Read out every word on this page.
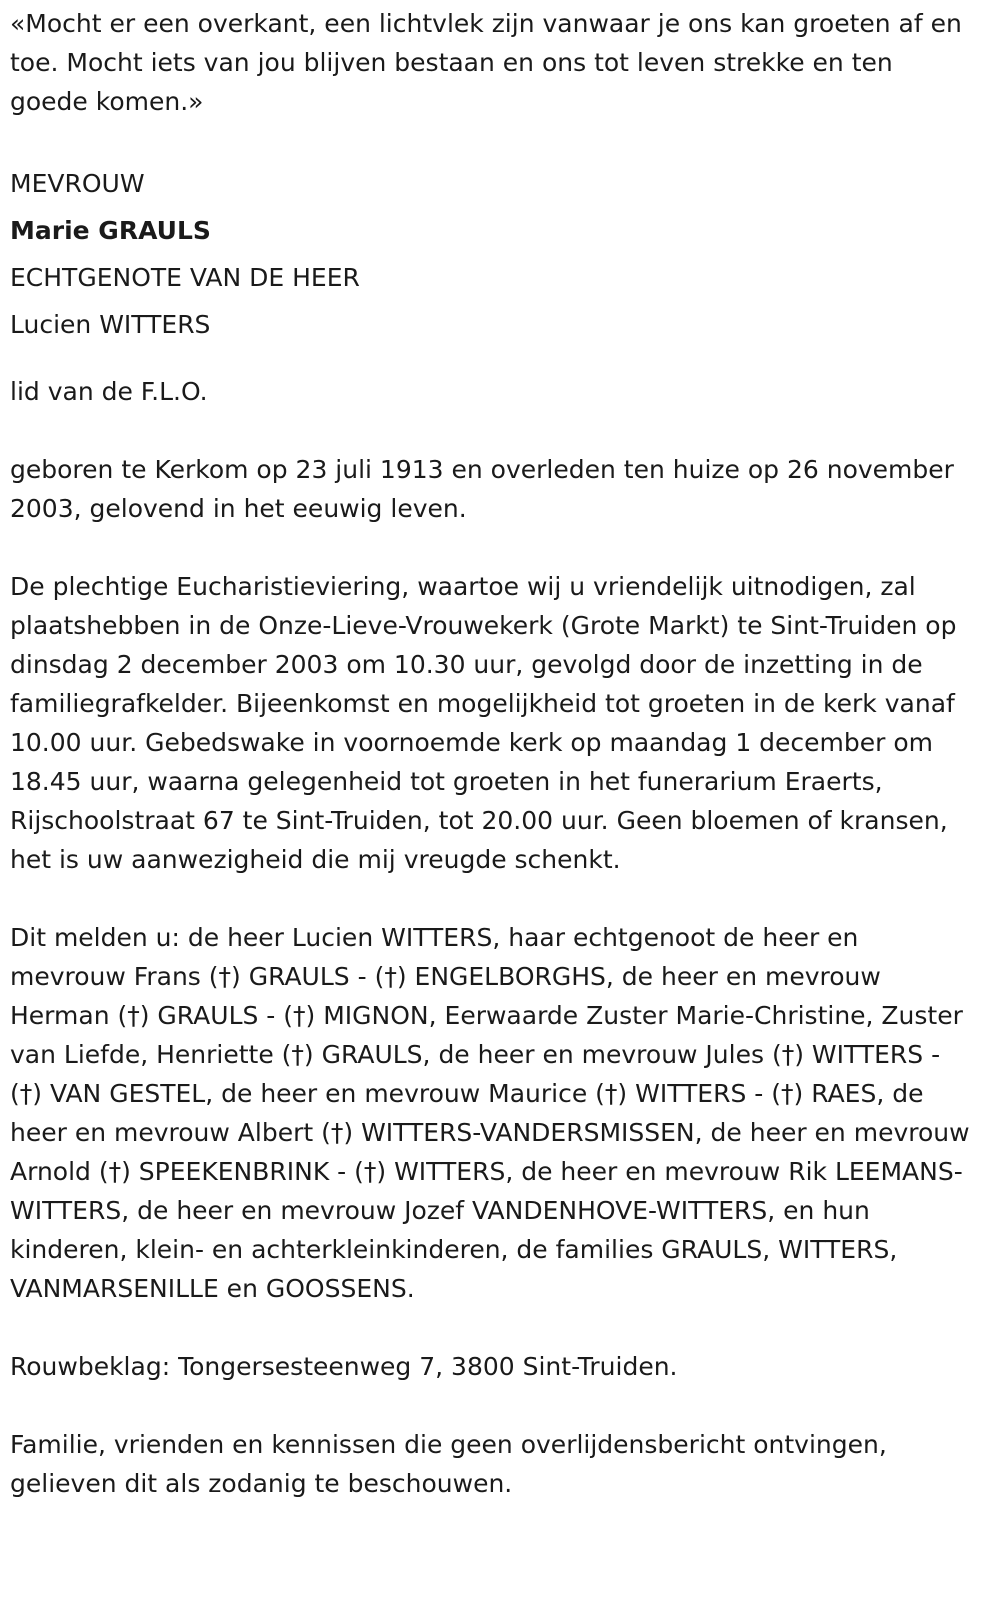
«Mocht er een overkant, een lichtvlek zijn vanwaar je ons kan groeten af en toe. Mocht iets van jou blijven bestaan en ons tot leven strekke en ten goede komen.»

MEVROUW
Marie GRAULS
ECHTGENOTE VAN DE HEER
Lucien WITTERS

lid van de F.L.O.

geboren te Kerkom op 23 juli 1913 en overleden ten huize op 26 november 2003, gelovend in het eeuwig leven.

De plechtige Eucharistieviering, waartoe wij u vriendelijk uitnodigen, zal plaatshebben in de Onze-Lieve-Vrouwekerk (Grote Markt) te Sint-Truiden op dinsdag 2 december 2003 om 10.30 uur, gevolgd door de inzetting in de familiegrafkelder. Bijeenkomst en mogelijkheid tot groeten in de kerk vanaf 10.00 uur. Gebedswake in voornoemde kerk op maandag 1 december om 18.45 uur, waarna gelegenheid tot groeten in het funerarium Eraerts, Rijschoolstraat 67 te Sint-Truiden, tot 20.00 uur. Geen bloemen of kransen, het is uw aanwezigheid die mij vreugde schenkt.

Dit melden u: de heer Lucien WITTERS, haar echtgenoot de heer en mevrouw Frans (†) GRAULS - (†) ENGELBORGHS, de heer en mevrouw Herman (†) GRAULS - (†) MIGNON, Eerwaarde Zuster Marie-Christine, Zuster van Liefde, Henriette (†) GRAULS, de heer en mevrouw Jules (†) WITTERS - (†) VAN GESTEL, de heer en mevrouw Maurice (†) WITTERS - (†) RAES, de heer en mevrouw Albert (†) WITTERS-VANDERSMISSEN, de heer en mevrouw Arnold (†) SPEEKENBRINK - (†) WITTERS, de heer en mevrouw Rik LEEMANS-WITTERS, de heer en mevrouw Jozef VANDENHOVE-WITTERS, en hun kinderen, klein- en achterkleinkinderen, de families GRAULS, WITTERS, VANMARSENILLE en GOOSSENS.

Rouwbeklag: Tongersesteenweg 7, 3800 Sint-Truiden.

Familie, vrienden en kennissen die geen overlijdensbericht ontvingen, gelieven dit als zodanig te beschouwen.
